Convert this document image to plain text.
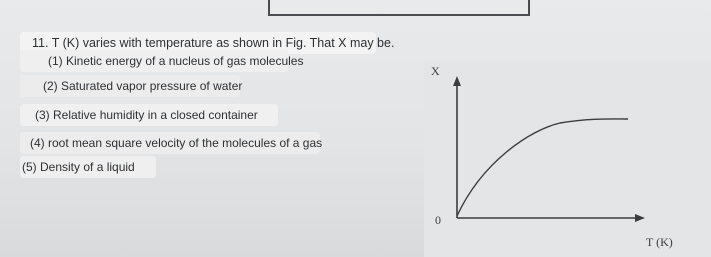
11. T (K) varies with temperature as shown in Fig. That X may be.
(1) Kinetic energy of a nucleus of gas molecules
(2) Saturated vapor pressure of water
(3) Relative humidity in a closed container
(4) root mean square velocity of the molecules of a gas
(5) Density of a liquid
X
0
T (K)
